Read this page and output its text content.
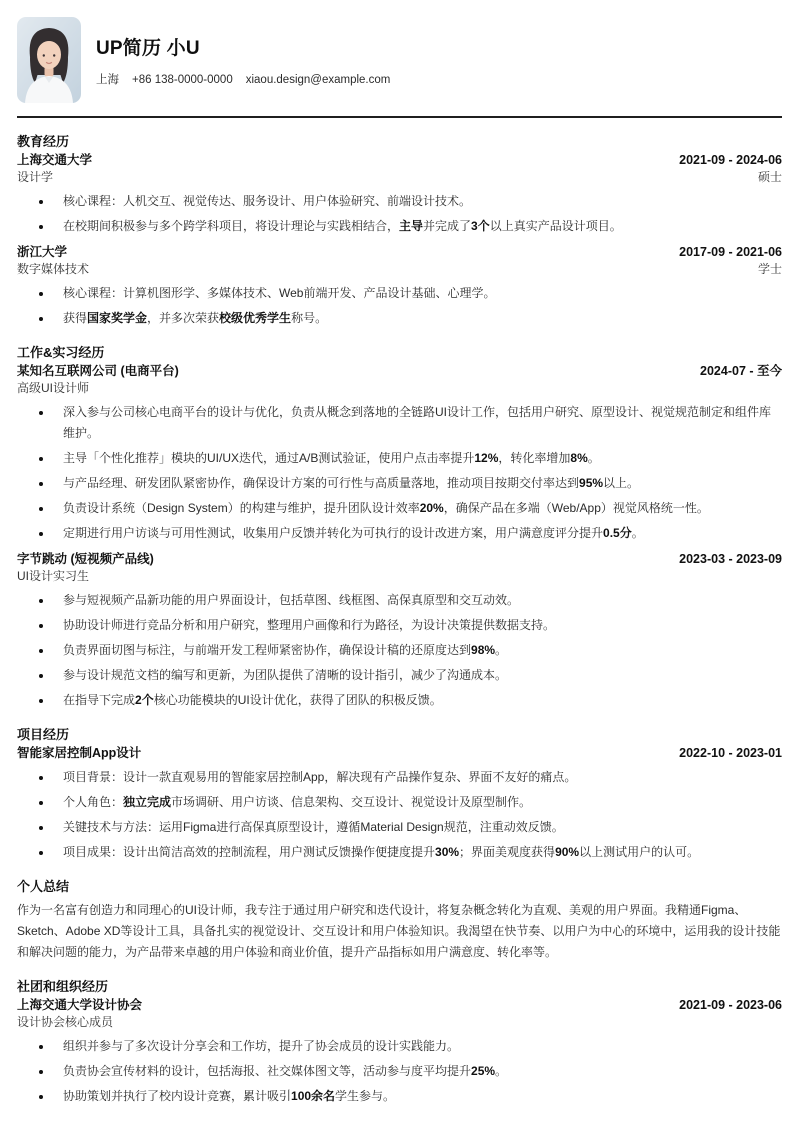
UP简历 小U
上海 +86 138-0000-0000 xiaou.design@example.com
教育经历
上海交通大学	2021-09 - 2024-06
设计学	硕士
核心课程：人机交互、视觉传达、服务设计、用户体验研究、前端设计技术。
在校期间积极参与多个跨学科项目，将设计理论与实践相结合，主导并完成了3个以上真实产品设计项目。
浙江大学	2017-09 - 2021-06
数字媒体技术	学士
核心课程：计算机图形学、多媒体技术、Web前端开发、产品设计基础、心理学。
获得国家奖学金，并多次荣获校级优秀学生称号。
工作&实习经历
某知名互联网公司 (电商平台)	2024-07 - 至今
高级UI设计师
深入参与公司核心电商平台的设计与优化，负责从概念到落地的全链路UI设计工作，包括用户研究、原型设计、视觉规范制定和组件库维护。
主导「个性化推荐」模块的UI/UX迭代，通过A/B测试验证，使用户点击率提升12%，转化率增加8%。
与产品经理、研发团队紧密协作，确保设计方案的可行性与高质量落地，推动项目按期交付率达到95%以上。
负责设计系统（Design System）的构建与维护，提升团队设计效率20%，确保产品在多端（Web/App）视觉风格统一性。
定期进行用户访谈与可用性测试，收集用户反馈并转化为可执行的设计改进方案，用户满意度评分提升0.5分。
字节跳动 (短视频产品线)	2023-03 - 2023-09
UI设计实习生
参与短视频产品新功能的用户界面设计，包括草图、线框图、高保真原型和交互动效。
协助设计师进行竞品分析和用户研究，整理用户画像和行为路径，为设计决策提供数据支持。
负责界面切图与标注，与前端开发工程师紧密协作，确保设计稿的还原度达到98%。
参与设计规范文档的编写和更新，为团队提供了清晰的设计指引，减少了沟通成本。
在指导下完成2个核心功能模块的UI设计优化，获得了团队的积极反馈。
项目经历
智能家居控制App设计	2022-10 - 2023-01
项目背景：设计一款直观易用的智能家居控制App，解决现有产品操作复杂、界面不友好的痛点。
个人角色：独立完成市场调研、用户访谈、信息架构、交互设计、视觉设计及原型制作。
关键技术与方法：运用Figma进行高保真原型设计，遵循Material Design规范，注重动效反馈。
项目成果：设计出简洁高效的控制流程，用户测试反馈操作便捷度提升30%；界面美观度获得90%以上测试用户的认可。
个人总结

作为一名富有创造力和同理心的UI设计师，我专注于通过用户研究和迭代设计，将复杂概念转化为直观、美观的用户界面。我精通Figma、Sketch、Adobe XD等设计工具，具备扎实的视觉设计、交互设计和用户体验知识。我渴望在快节奏、以用户为中心的环境中，运用我的设计技能和解决问题的能力，为产品带来卓越的用户体验和商业价值，提升产品指标如用户满意度、转化率等。

社团和组织经历
上海交通大学设计协会	2021-09 - 2023-06
设计协会核心成员
组织并参与了多次设计分享会和工作坊，提升了协会成员的设计实践能力。
负责协会宣传材料的设计，包括海报、社交媒体图文等，活动参与度平均提升25%。
协助策划并执行了校内设计竞赛，累计吸引100余名学生参与。
